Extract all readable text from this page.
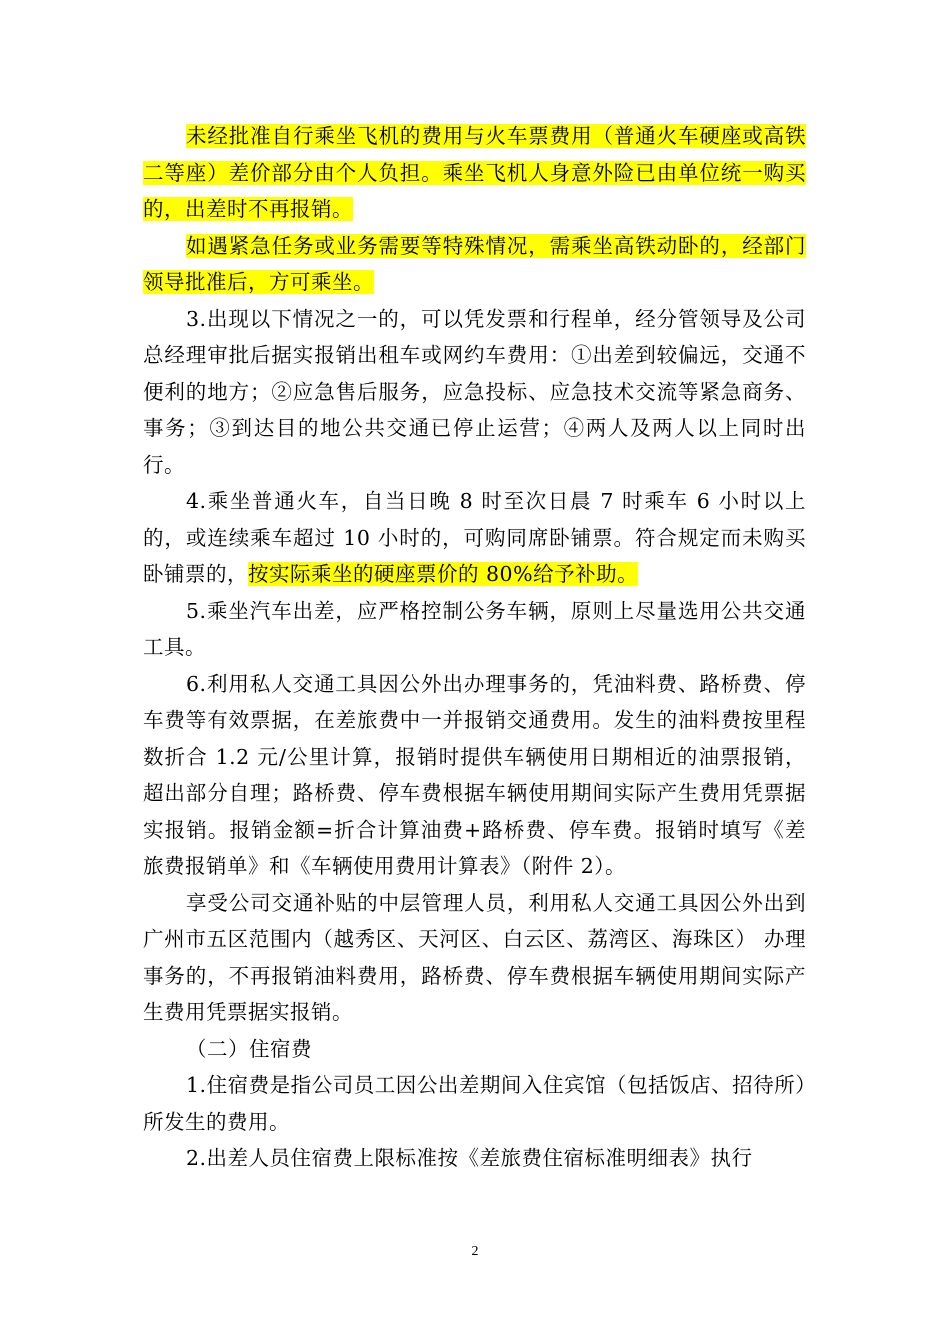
未经批准自行乘坐飞机的费用与火车票费用（普通火车硬座或高铁二等座）差价部分由个人负担。乘坐飞机人身意外险已由单位统一购买的，出差时不再报销。

如遇紧急任务或业务需要等特殊情况，需乘坐高铁动卧的，经部门领导批准后，方可乘坐。

3.出现以下情况之一的，可以凭发票和行程单，经分管领导及公司总经理审批后据实报销出租车或网约车费用：①出差到较偏远，交通不便利的地方；②应急售后服务，应急投标、应急技术交流等紧急商务、事务；③到达目的地公共交通已停止运营；④两人及两人以上同时出行。

4.乘坐普通火车，自当日晚 8 时至次日晨 7 时乘车 6 小时以上的，或连续乘车超过 10 小时的，可购同席卧铺票。符合规定而未购买卧铺票的，按实际乘坐的硬座票价的 80%给予补助。

5.乘坐汽车出差，应严格控制公务车辆，原则上尽量选用公共交通工具。

6.利用私人交通工具因公外出办理事务的，凭油料费、路桥费、停车费等有效票据，在差旅费中一并报销交通费用。发生的油料费按里程数折合 1.2 元/公里计算，报销时提供车辆使用日期相近的油票报销，超出部分自理；路桥费、停车费根据车辆使用期间实际产生费用凭票据实报销。报销金额=折合计算油费+路桥费、停车费。报销时填写《差旅费报销单》和《车辆使用费用计算表》（附件 2）。

享受公司交通补贴的中层管理人员，利用私人交通工具因公外出到广州市五区范围内（越秀区、天河区、白云区、荔湾区、海珠区） 办理事务的，不再报销油料费用，路桥费、停车费根据车辆使用期间实际产生费用凭票据实报销。

（二）住宿费

1.住宿费是指公司员工因公出差期间入住宾馆（包括饭店、招待所）所发生的费用。

2.出差人员住宿费上限标准按《差旅费住宿标准明细表》执行

2
